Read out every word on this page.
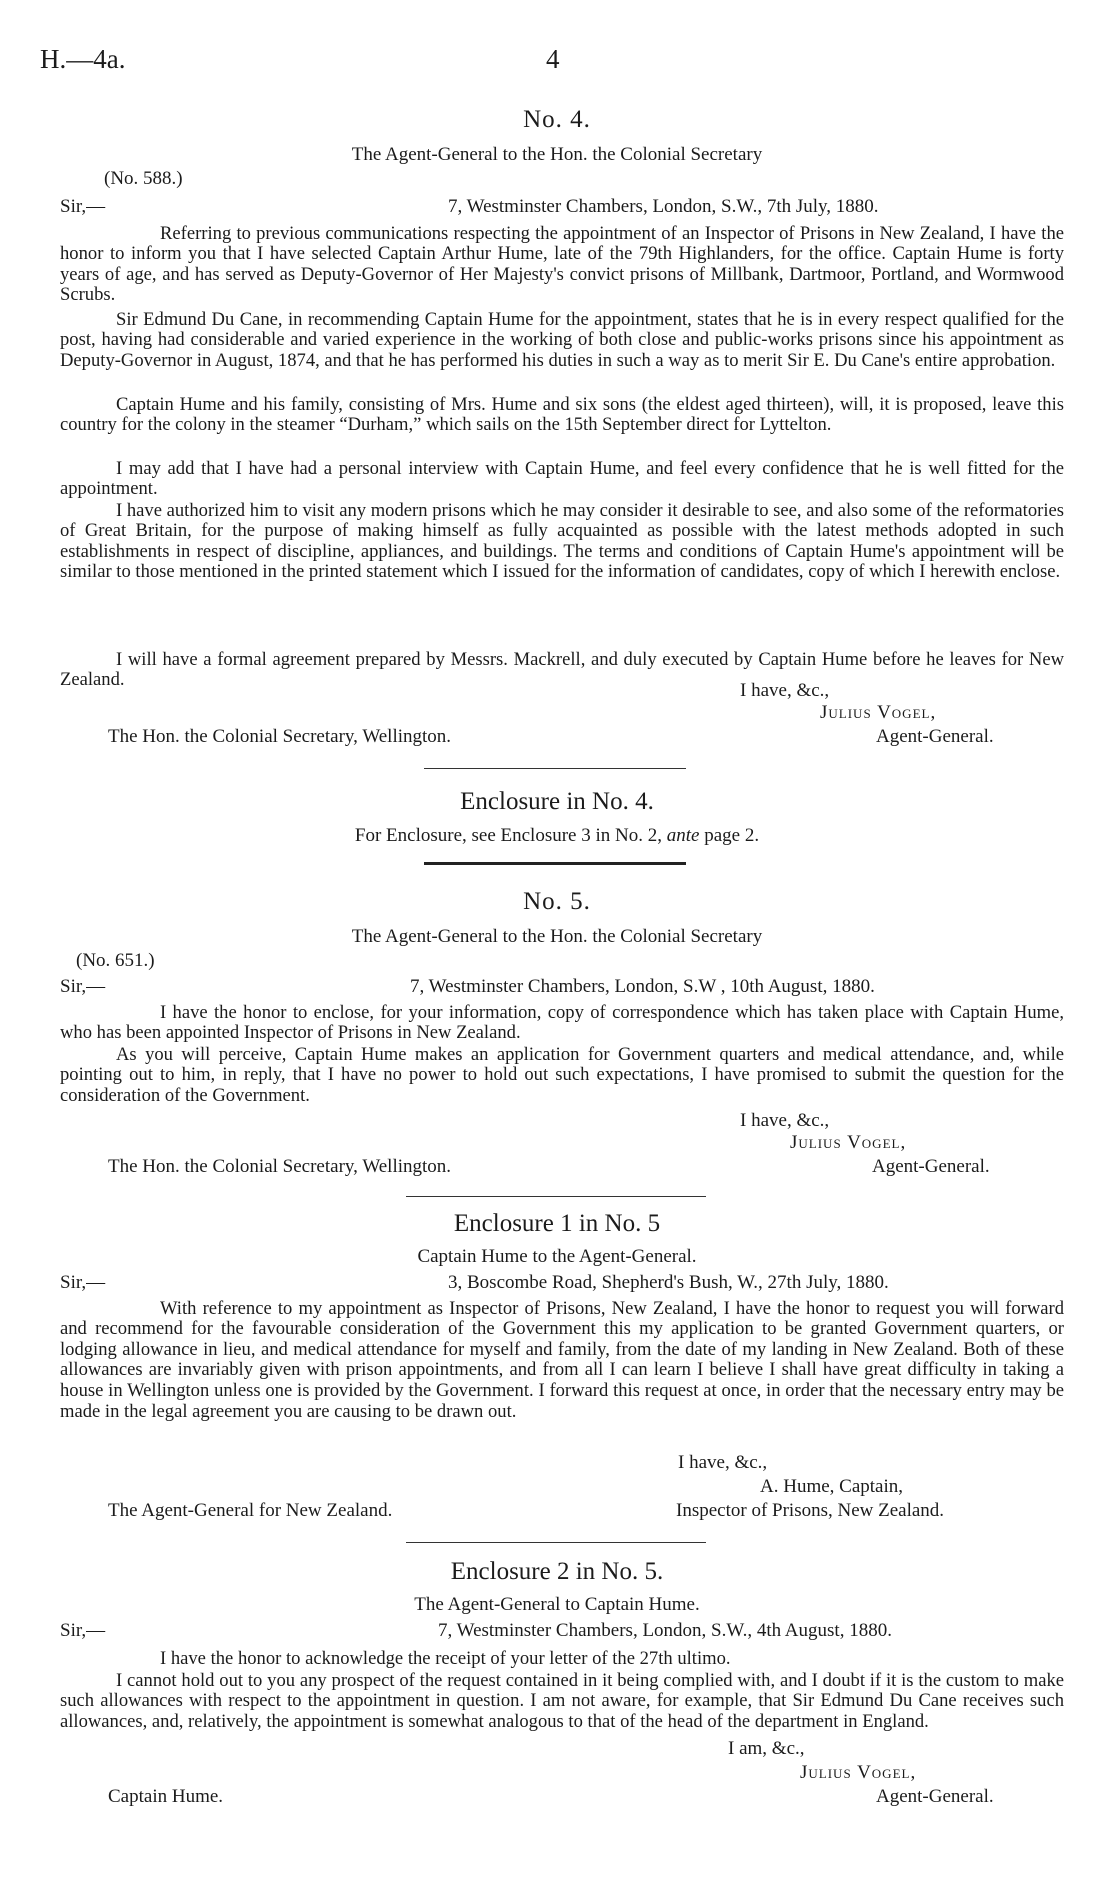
H.—4a.	4
No. 4.
The Agent-General to the Hon. the Colonial Secretary
(No. 588.)
Sir,—	7, Westminster Chambers, London, S.W., 7th July, 1880.

Referring to previous communications respecting the appointment of an Inspector of Prisons in New Zealand, I have the honor to inform you that I have selected Captain Arthur Hume, late of the 79th Highlanders, for the office. Captain Hume is forty years of age, and has served as Deputy-Governor of Her Majesty's convict prisons of Millbank, Dartmoor, Portland, and Wormwood Scrubs.

Sir Edmund Du Cane, in recommending Captain Hume for the appointment, states that he is in every respect qualified for the post, having had considerable and varied experience in the working of both close and public-works prisons since his appointment as Deputy-Governor in August, 1874, and that he has performed his duties in such a way as to merit Sir E. Du Cane's entire approbation.

Captain Hume and his family, consisting of Mrs. Hume and six sons (the eldest aged thirteen), will, it is proposed, leave this country for the colony in the steamer “Durham,” which sails on the 15th September direct for Lyttelton.

I may add that I have had a personal interview with Captain Hume, and feel every confidence that he is well fitted for the appointment.

I have authorized him to visit any modern prisons which he may consider it desirable to see, and also some of the reformatories of Great Britain, for the purpose of making himself as fully acquainted as possible with the latest methods adopted in such establishments in respect of discipline, appliances, and buildings. The terms and conditions of Captain Hume's appointment will be similar to those mentioned in the printed statement which I issued for the information of candidates, copy of which I herewith enclose.

I will have a formal agreement prepared by Messrs. Mackrell, and duly executed by Captain Hume before he leaves for New Zealand.

I have, &c.,
Julius Vogel,
The Hon. the Colonial Secretary, Wellington.	Agent-General.
Enclosure in No. 4.
For Enclosure, see Enclosure 3 in No. 2, ante page 2.
No. 5.
The Agent-General to the Hon. the Colonial Secretary
(No. 651.)
Sir,—	7, Westminster Chambers, London, S.W , 10th August, 1880.

I have the honor to enclose, for your information, copy of correspondence which has taken place with Captain Hume, who has been appointed Inspector of Prisons in New Zealand.

As you will perceive, Captain Hume makes an application for Government quarters and medical attendance, and, while pointing out to him, in reply, that I have no power to hold out such expectations, I have promised to submit the question for the consideration of the Government.

I have, &c.,
Julius Vogel,
The Hon. the Colonial Secretary, Wellington.	Agent-General.
Enclosure 1 in No. 5
Captain Hume to the Agent-General.
Sir,—	3, Boscombe Road, Shepherd's Bush, W., 27th July, 1880.

With reference to my appointment as Inspector of Prisons, New Zealand, I have the honor to request you will forward and recommend for the favourable consideration of the Government this my application to be granted Government quarters, or lodging allowance in lieu, and medical attendance for myself and family, from the date of my landing in New Zealand. Both of these allowances are invariably given with prison appointments, and from all I can learn I believe I shall have great difficulty in taking a house in Wellington unless one is provided by the Government. I forward this request at once, in order that the necessary entry may be made in the legal agreement you are causing to be drawn out.

I have, &c.,
A. Hume, Captain,
The Agent-General for New Zealand.	Inspector of Prisons, New Zealand.
Enclosure 2 in No. 5.
The Agent-General to Captain Hume.
Sir,—	7, Westminster Chambers, London, S.W., 4th August, 1880.

I have the honor to acknowledge the receipt of your letter of the 27th ultimo.

I cannot hold out to you any prospect of the request contained in it being complied with, and I doubt if it is the custom to make such allowances with respect to the appointment in question. I am not aware, for example, that Sir Edmund Du Cane receives such allowances, and, relatively, the appointment is somewhat analogous to that of the head of the department in England.

I am, &c.,
Julius Vogel,
Captain Hume.	Agent-General.
